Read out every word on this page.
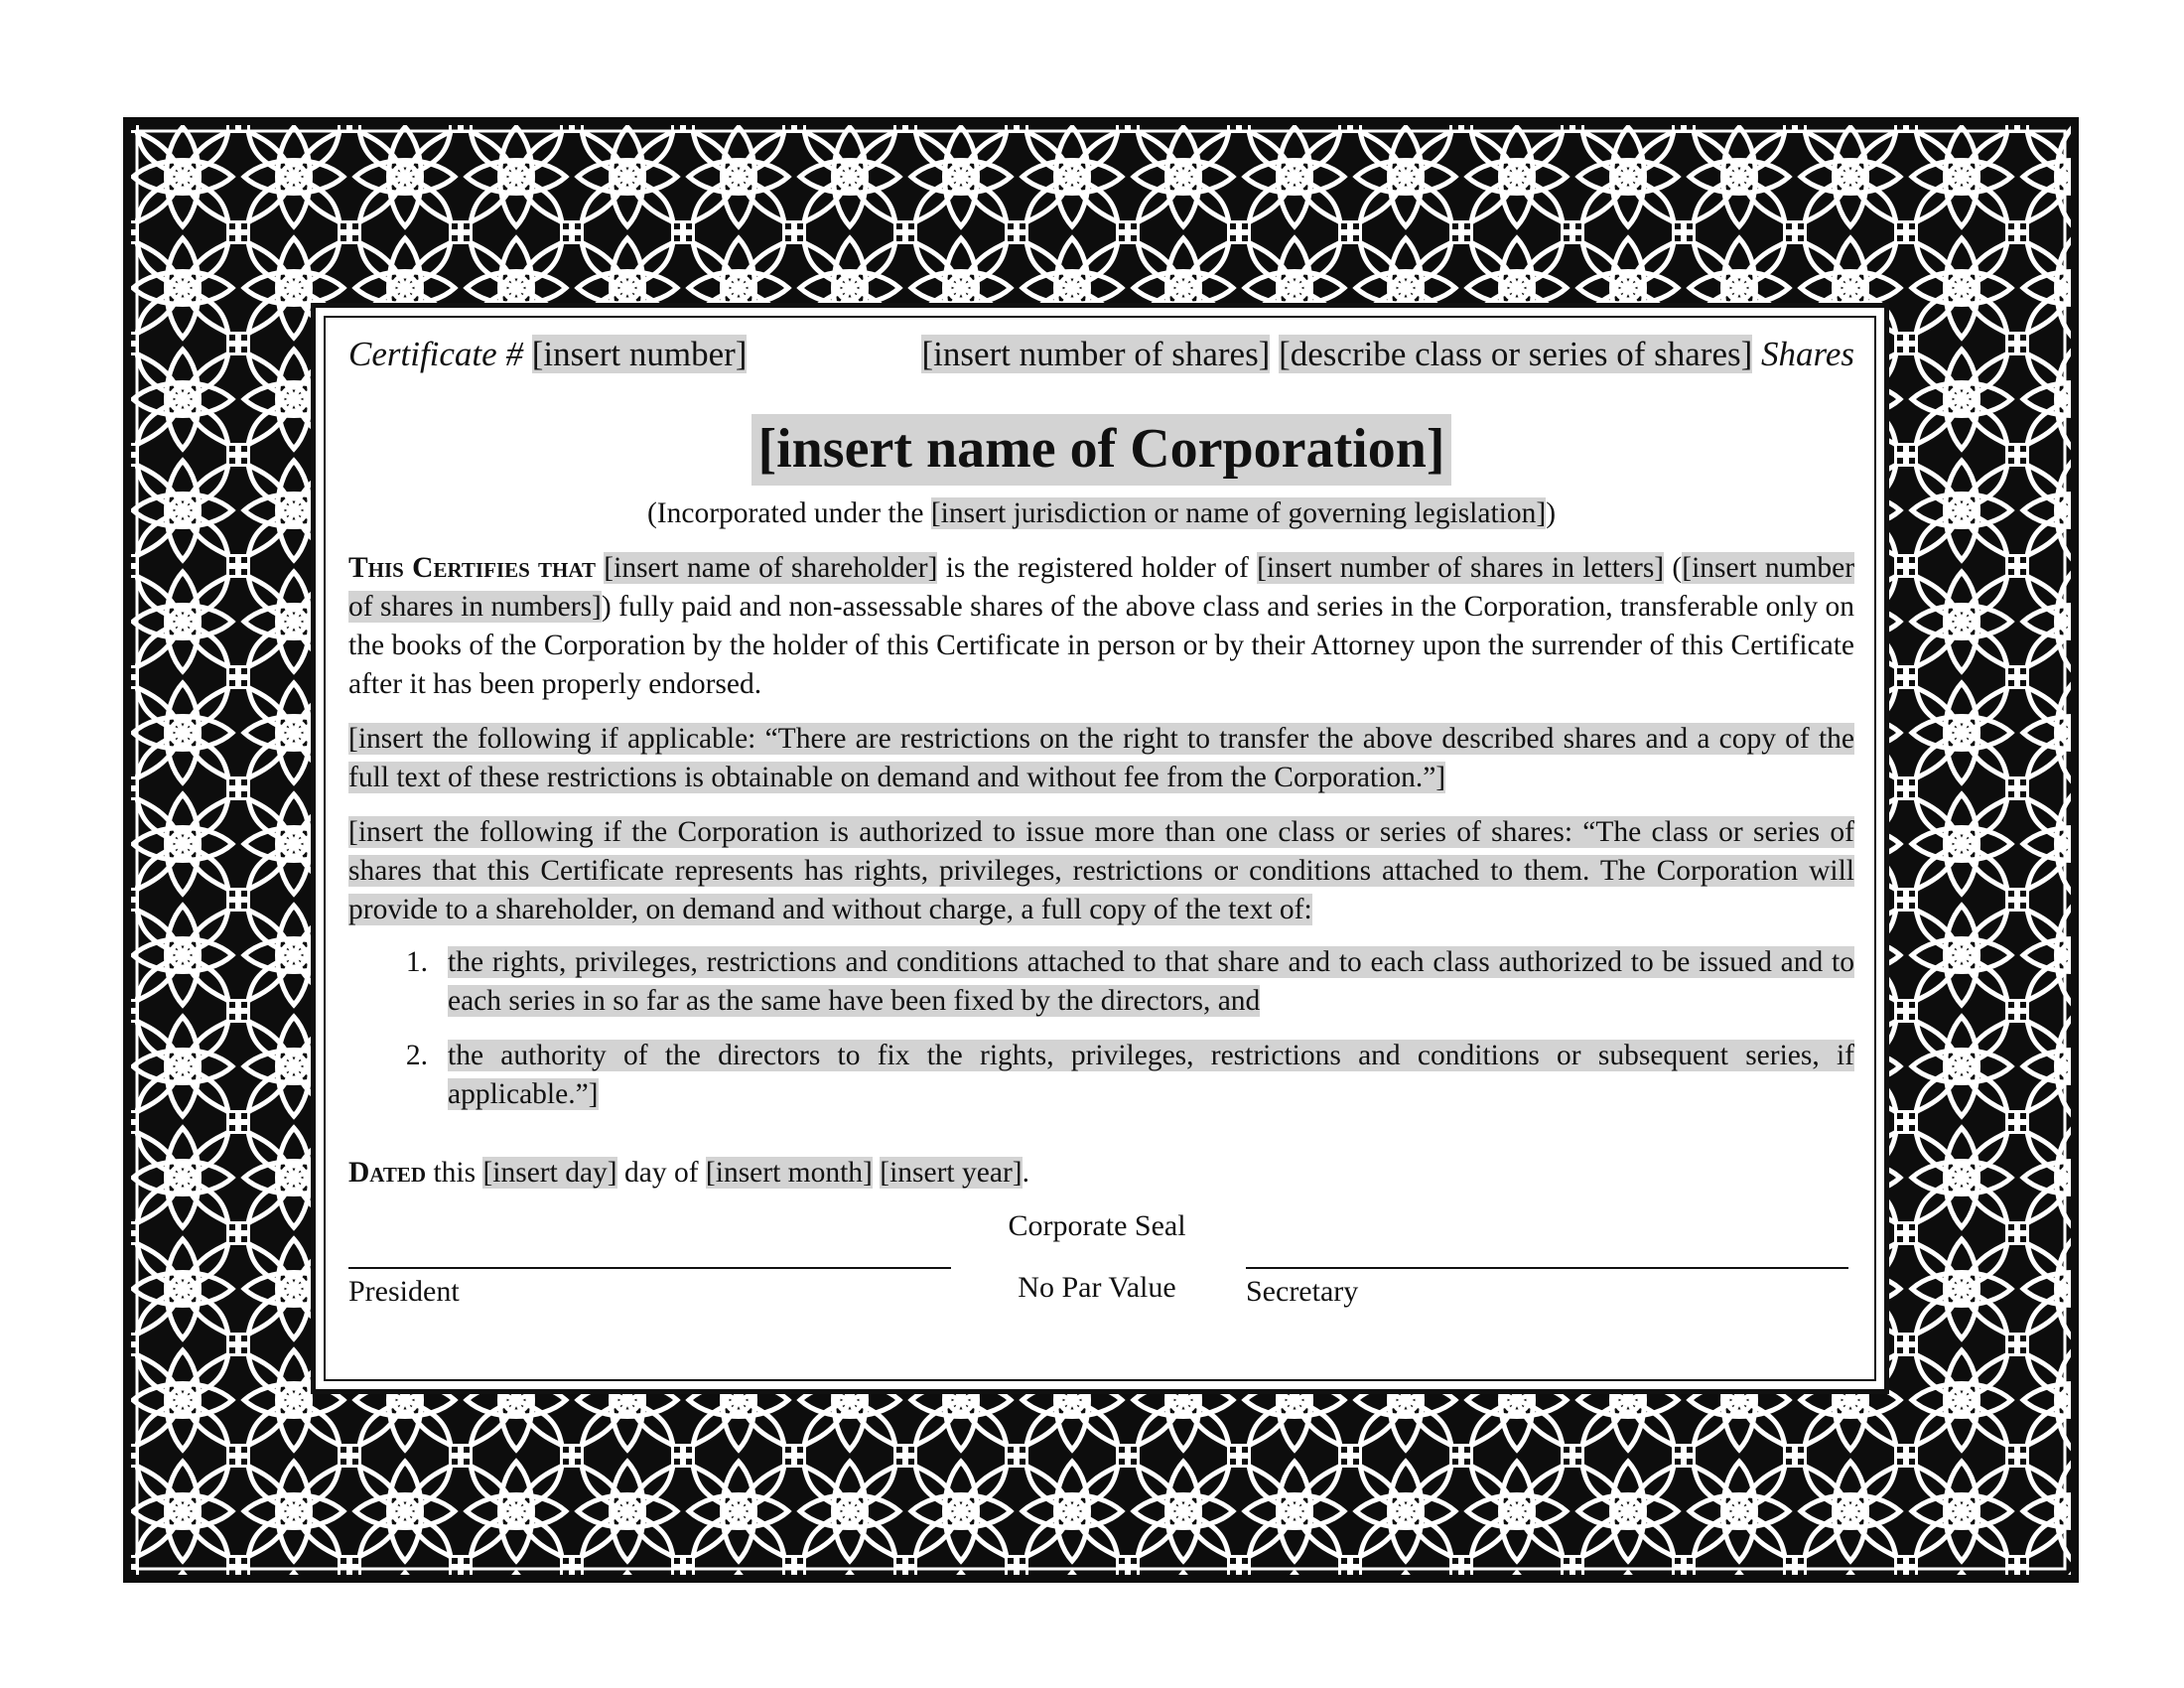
Certificate # [insert number]	[insert number of shares] [describe class or series of shares] Shares
[insert name of Corporation]
(Incorporated under the [insert jurisdiction or name of governing legislation])

This Certifies that [insert name of shareholder] is the registered holder of [insert number of shares in letters] ([insert number of shares in numbers]) fully paid and non-assessable shares of the above class and series in the Corporation, transferable only on the books of the Corporation by the holder of this Certificate in person or by their Attorney upon the surrender of this Certificate after it has been properly endorsed.

[insert the following if applicable: “There are restrictions on the right to transfer the above described shares and a copy of the full text of these restrictions is obtainable on demand and without fee from the Corporation.”]

[insert the following if the Corporation is authorized to issue more than one class or series of shares: “The class or series of shares that this Certificate represents has rights, privileges, restrictions or conditions attached to them. The Corporation will provide to a shareholder, on demand and without charge, a full copy of the text of:

1. the rights, privileges, restrictions and conditions attached to that share and to each class authorized to be issued and to each series in so far as the same have been fixed by the directors, and
2. the authority of the directors to fix the rights, privileges, restrictions and conditions or subsequent series, if applicable.”]
Dated this [insert day] day of [insert month] [insert year].
Corporate Seal
President	No Par Value	Secretary
